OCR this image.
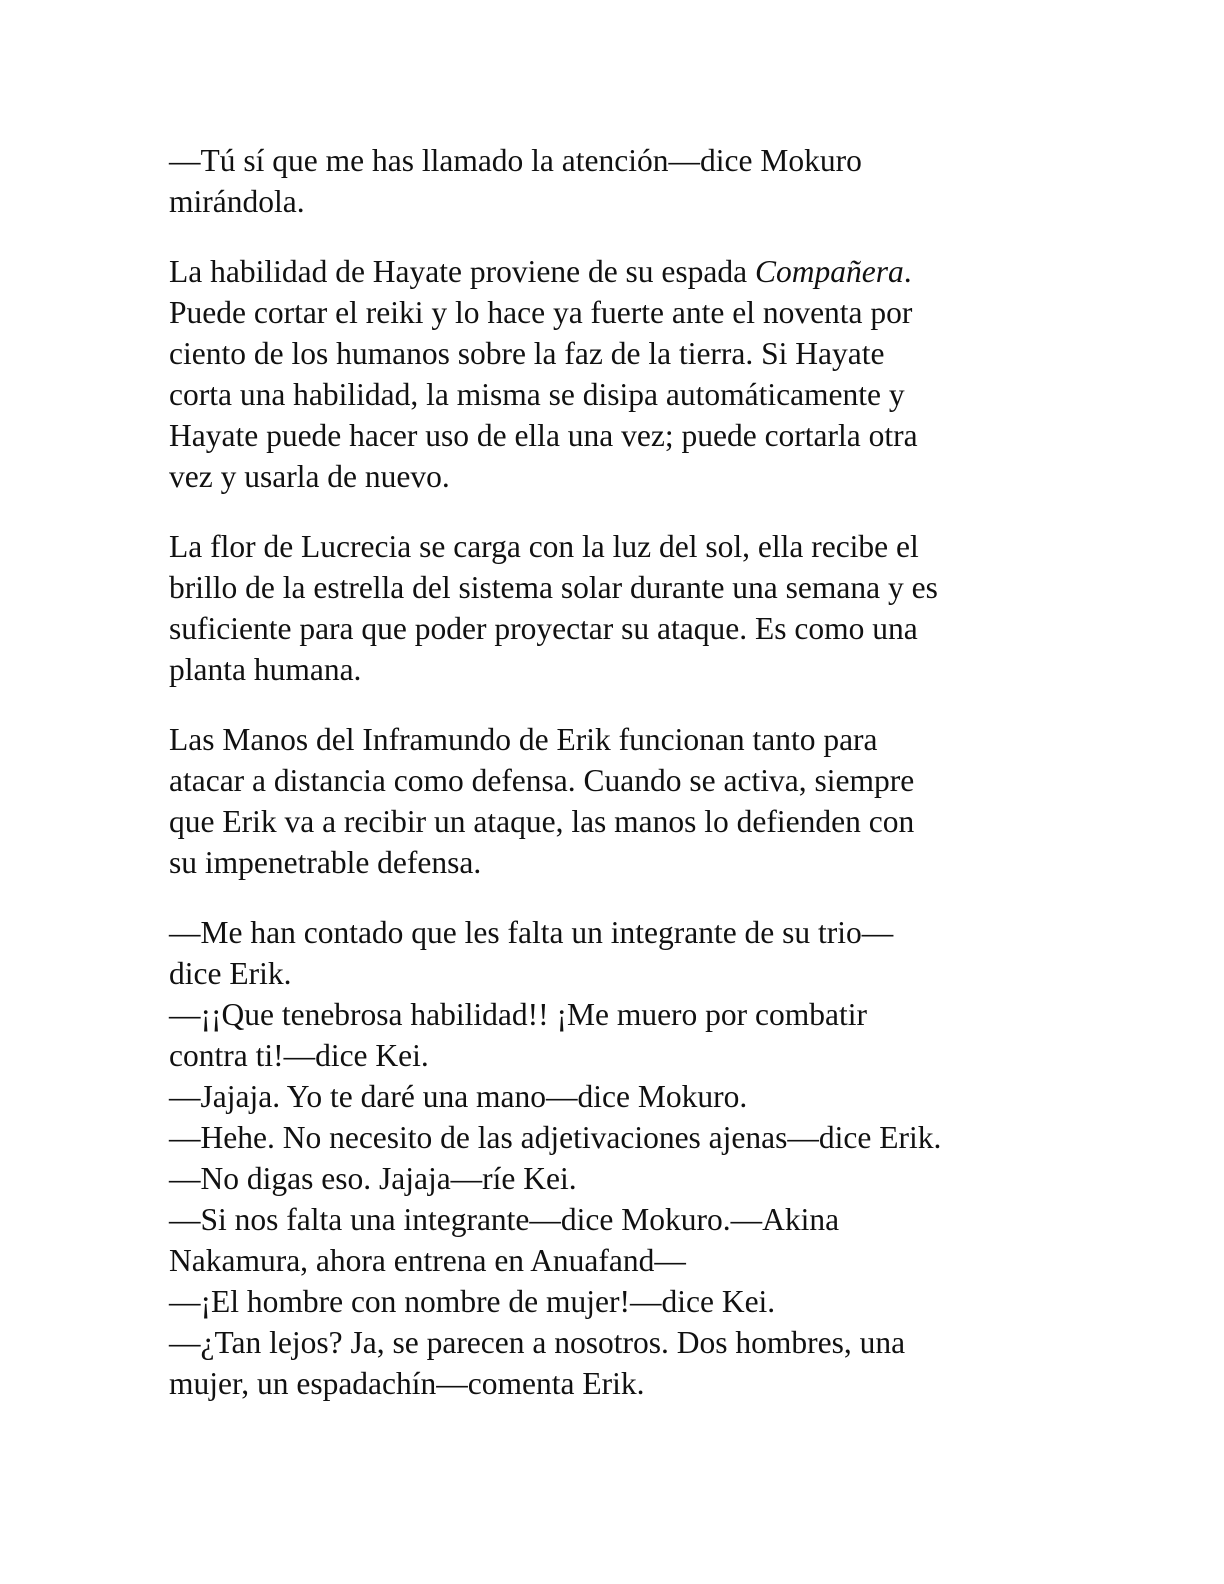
—Tú sí que me has llamado la atención—dice Mokuro
mirándola.

La habilidad de Hayate proviene de su espada Compañera.
Puede cortar el reiki y lo hace ya fuerte ante el noventa por
ciento de los humanos sobre la faz de la tierra. Si Hayate
corta una habilidad, la misma se disipa automáticamente y
Hayate puede hacer uso de ella una vez; puede cortarla otra
vez y usarla de nuevo.

La flor de Lucrecia se carga con la luz del sol, ella recibe el
brillo de la estrella del sistema solar durante una semana y es
suficiente para que poder proyectar su ataque. Es como una
planta humana.

Las Manos del Inframundo de Erik funcionan tanto para
atacar a distancia como defensa. Cuando se activa, siempre
que Erik va a recibir un ataque, las manos lo defienden con
su impenetrable defensa.

—Me han contado que les falta un integrante de su trio—
dice Erik.
—¡¡Que tenebrosa habilidad!! ¡Me muero por combatir
contra ti!—dice Kei.
—Jajaja. Yo te daré una mano—dice Mokuro.
—Hehe. No necesito de las adjetivaciones ajenas—dice Erik.
—No digas eso. Jajaja—ríe Kei.
—Si nos falta una integrante—dice Mokuro.—Akina
Nakamura, ahora entrena en Anuafand—
—¡El hombre con nombre de mujer!—dice Kei.
—¿Tan lejos? Ja, se parecen a nosotros. Dos hombres, una
mujer, un espadachín—comenta Erik.
